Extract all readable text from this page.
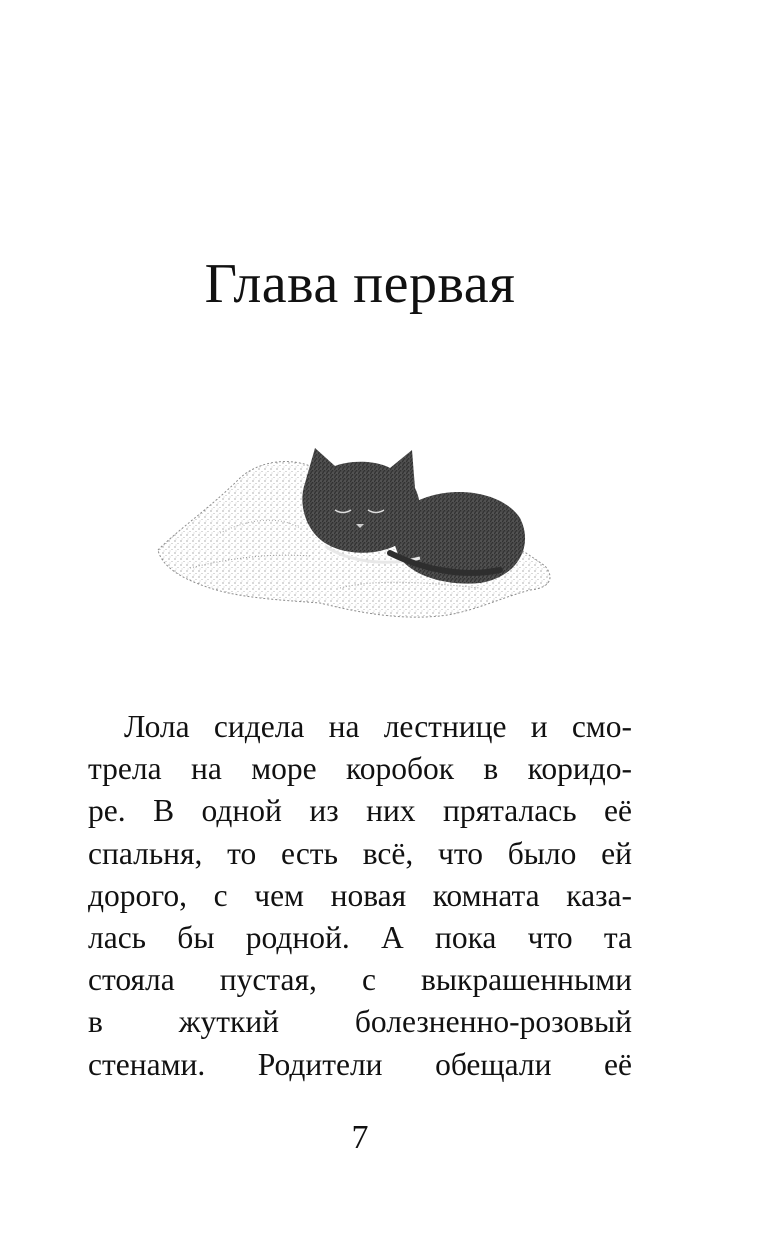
Глава первая
Лола сидела на лестнице и смо-
трела на море коробок в коридо-
ре. В одной из них пряталась её
спальня, то есть всё, что было ей
дорого, с чем новая комната каза-
лась бы родной. А пока что та
стояла пустая, с выкрашенными
в жуткий болезненно-розовый
стенами. Родители обещали её
7
